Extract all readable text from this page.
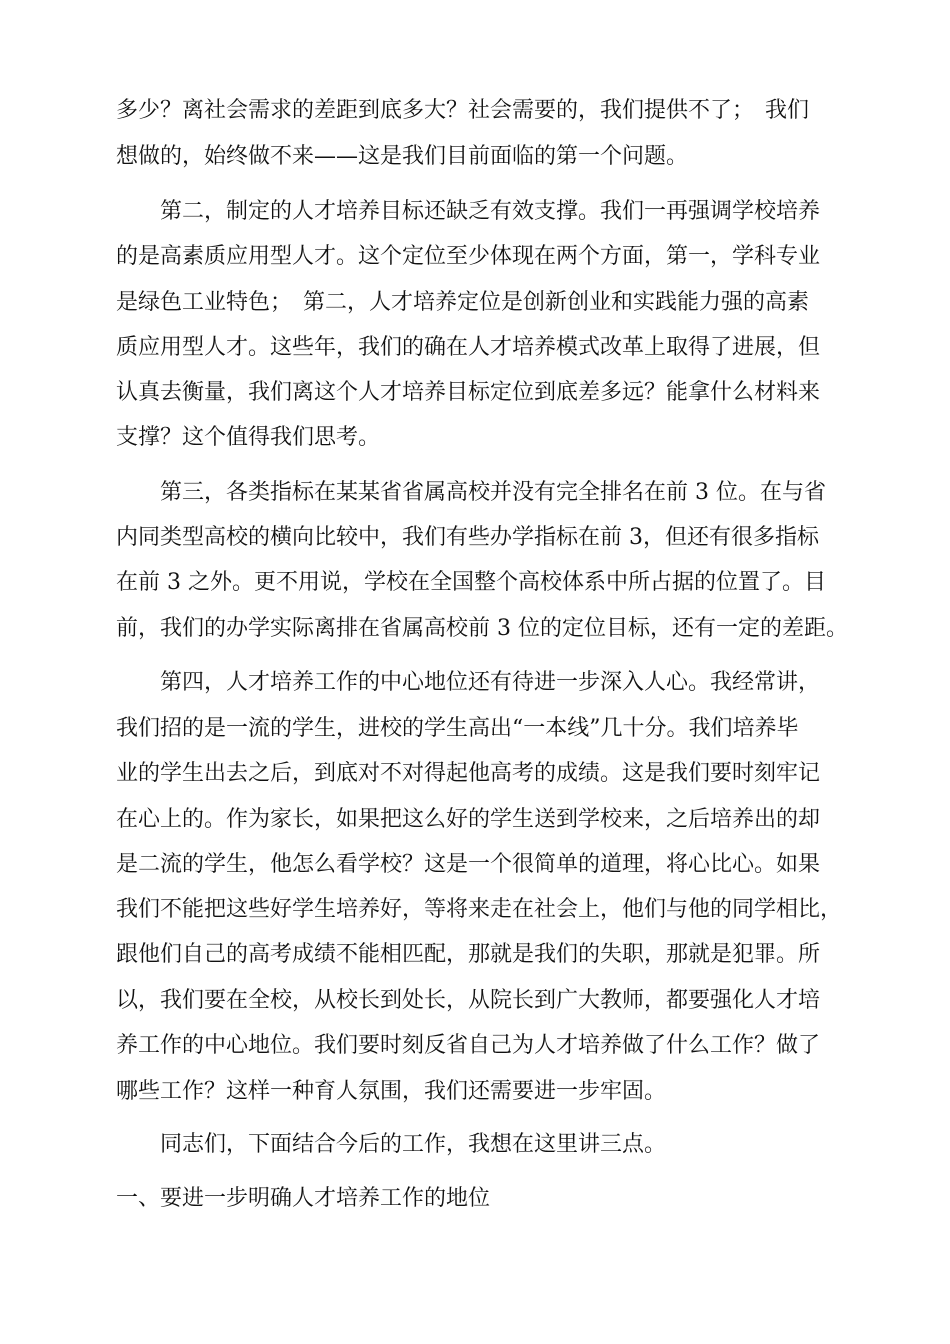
多少？离社会需求的差距到底多大？社会需要的，我们提供不了；　我们
想做的，始终做不来——这是我们目前面临的第一个问题。
第二，制定的人才培养目标还缺乏有效支撑。我们一再强调学校培养
的是高素质应用型人才。这个定位至少体现在两个方面，第一，学科专业
是绿色工业特色；　第二，人才培养定位是创新创业和实践能力强的高素
质应用型人才。这些年，我们的确在人才培养模式改革上取得了进展，但
认真去衡量，我们离这个人才培养目标定位到底差多远？能拿什么材料来
支撑？这个值得我们思考。
第三，各类指标在某某省省属高校并没有完全排名在前 3 位。在与省
内同类型高校的横向比较中，我们有些办学指标在前 3，但还有很多指标
在前 3 之外。更不用说，学校在全国整个高校体系中所占据的位置了。目
前，我们的办学实际离排在省属高校前 3 位的定位目标，还有一定的差距。
第四，人才培养工作的中心地位还有待进一步深入人心。我经常讲，
我们招的是一流的学生，进校的学生高出“一本线”几十分。我们培养毕
业的学生出去之后，到底对不对得起他高考的成绩。这是我们要时刻牢记
在心上的。作为家长，如果把这么好的学生送到学校来，之后培养出的却
是二流的学生，他怎么看学校？这是一个很简单的道理，将心比心。如果
我们不能把这些好学生培养好，等将来走在社会上，他们与他的同学相比，
跟他们自己的高考成绩不能相匹配，那就是我们的失职，那就是犯罪。所
以，我们要在全校，从校长到处长，从院长到广大教师，都要强化人才培
养工作的中心地位。我们要时刻反省自己为人才培养做了什么工作？做了
哪些工作？这样一种育人氛围，我们还需要进一步牢固。
同志们，下面结合今后的工作，我想在这里讲三点。
一、要进一步明确人才培养工作的地位
